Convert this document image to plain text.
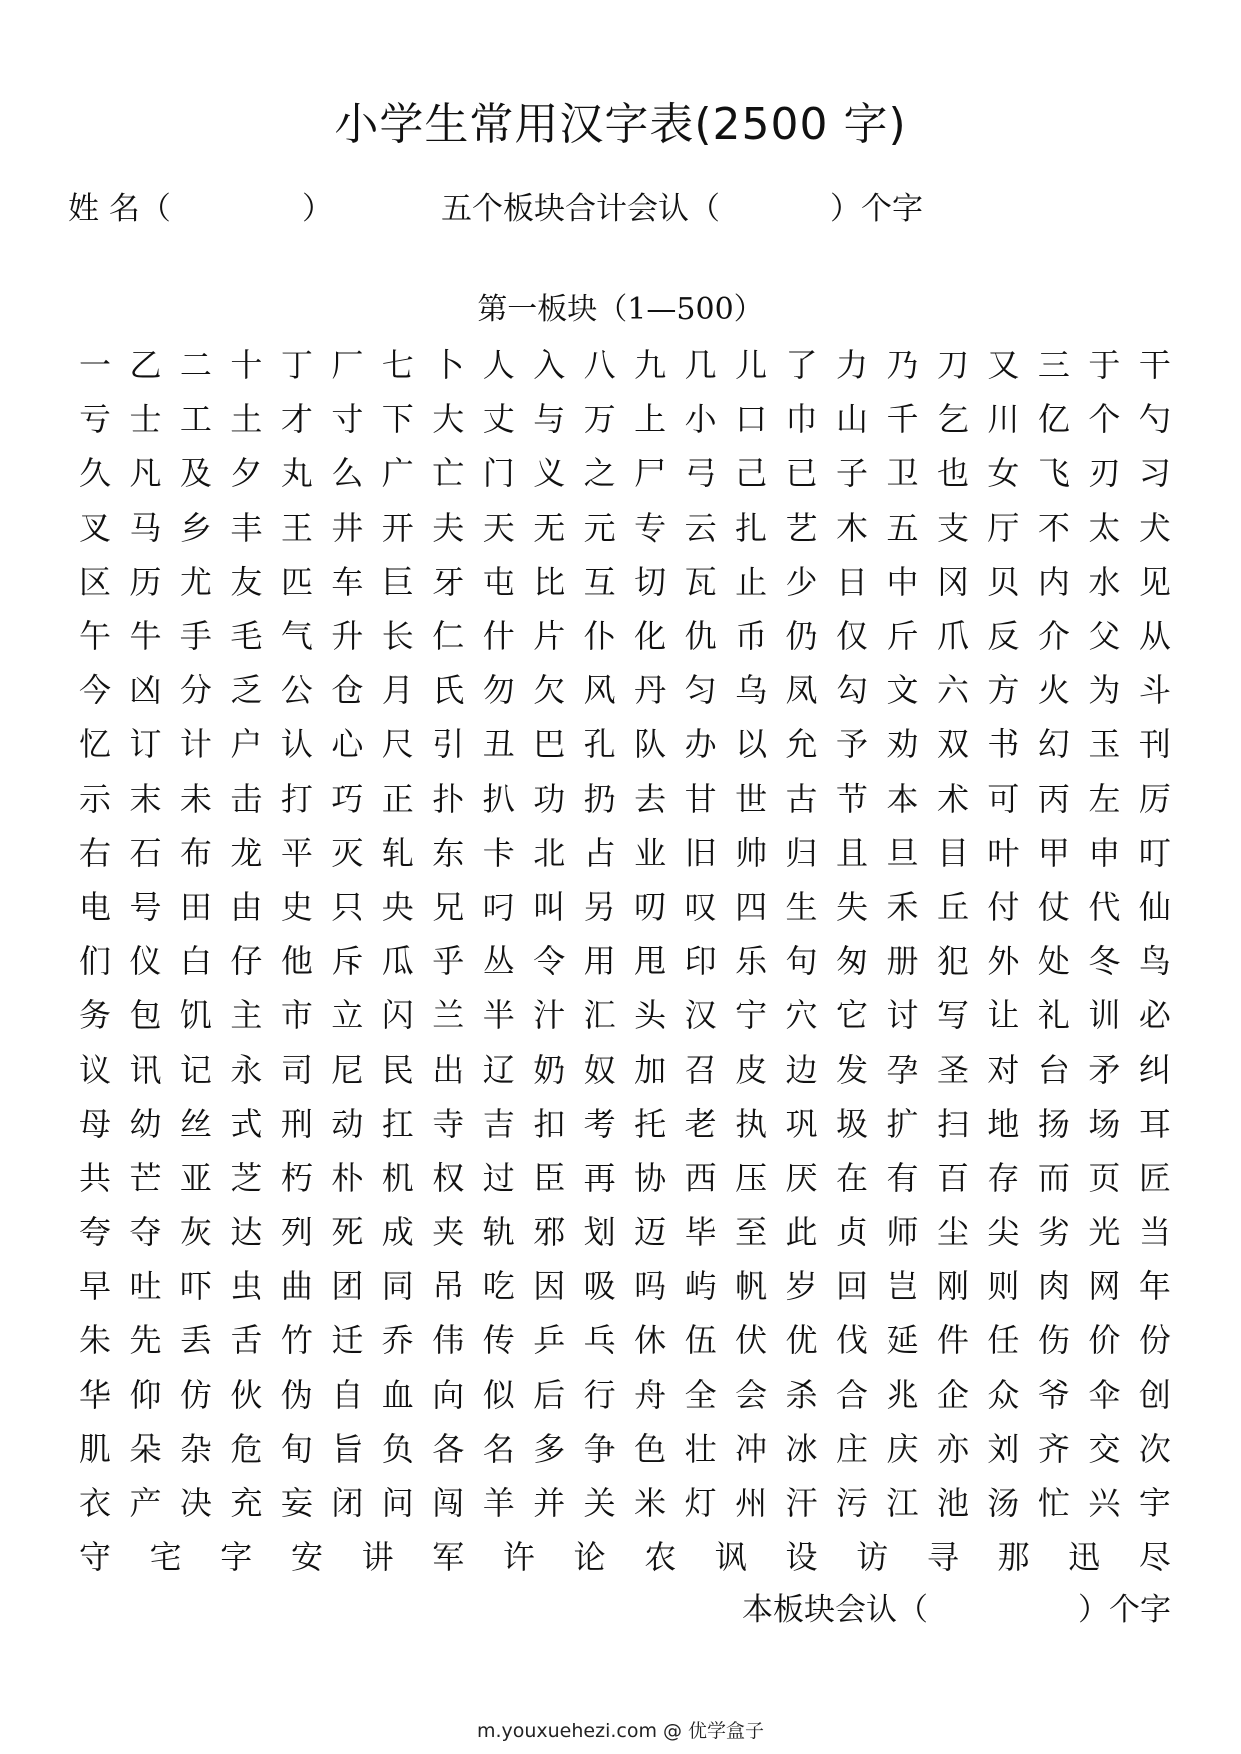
小学生常用汉字表(2500 字)
姓 名（	）	五个板块合计会认（	）个字
第一板块（1—500）
一 乙 二 十 丁 厂 七 卜 人 入 八 九 几 儿 了 力 乃 刀 又 三 于 干
亏 士 工 土 才 寸 下 大 丈 与 万 上 小 口 巾 山 千 乞 川 亿 个 勺
久 凡 及 夕 丸 么 广 亡 门 义 之 尸 弓 己 已 子 卫 也 女 飞 刃 习
叉 马 乡 丰 王 井 开 夫 天 无 元 专 云 扎 艺 木 五 支 厅 不 太 犬
区 历 尤 友 匹 车 巨 牙 屯 比 互 切 瓦 止 少 日 中 冈 贝 内 水 见
午 牛 手 毛 气 升 长 仁 什 片 仆 化 仇 币 仍 仅 斤 爪 反 介 父 从
今 凶 分 乏 公 仓 月 氏 勿 欠 风 丹 匀 乌 凤 勾 文 六 方 火 为 斗
忆 订 计 户 认 心 尺 引 丑 巴 孔 队 办 以 允 予 劝 双 书 幻 玉 刊
示 末 未 击 打 巧 正 扑 扒 功 扔 去 甘 世 古 节 本 术 可 丙 左 厉
右 石 布 龙 平 灭 轧 东 卡 北 占 业 旧 帅 归 且 旦 目 叶 甲 申 叮
电 号 田 由 史 只 央 兄 叼 叫 另 叨 叹 四 生 失 禾 丘 付 仗 代 仙
们 仪 白 仔 他 斥 瓜 乎 丛 令 用 甩 印 乐 句 匆 册 犯 外 处 冬 鸟
务 包 饥 主 市 立 闪 兰 半 汁 汇 头 汉 宁 穴 它 讨 写 让 礼 训 必
议 讯 记 永 司 尼 民 出 辽 奶 奴 加 召 皮 边 发 孕 圣 对 台 矛 纠
母 幼 丝 式 刑 动 扛 寺 吉 扣 考 托 老 执 巩 圾 扩 扫 地 扬 场 耳
共 芒 亚 芝 朽 朴 机 权 过 臣 再 协 西 压 厌 在 有 百 存 而 页 匠
夸 夺 灰 达 列 死 成 夹 轨 邪 划 迈 毕 至 此 贞 师 尘 尖 劣 光 当
早 吐 吓 虫 曲 团 同 吊 吃 因 吸 吗 屿 帆 岁 回 岂 刚 则 肉 网 年
朱 先 丢 舌 竹 迁 乔 伟 传 乒 乓 休 伍 伏 优 伐 延 件 任 伤 价 份
华 仰 仿 伙 伪 自 血 向 似 后 行 舟 全 会 杀 合 兆 企 众 爷 伞 创
肌 朵 杂 危 旬 旨 负 各 名 多 争 色 壮 冲 冰 庄 庆 亦 刘 齐 交 次
衣 产 决 充 妄 闭 问 闯 羊 并 关 米 灯 州 汗 污 江 池 汤 忙 兴 宇
守 宅 字 安 讲 军 许 论 农 讽 设 访 寻 那 迅 尽
本板块会认（	）个字
m.youxuehezi.com @ 优学盒子
